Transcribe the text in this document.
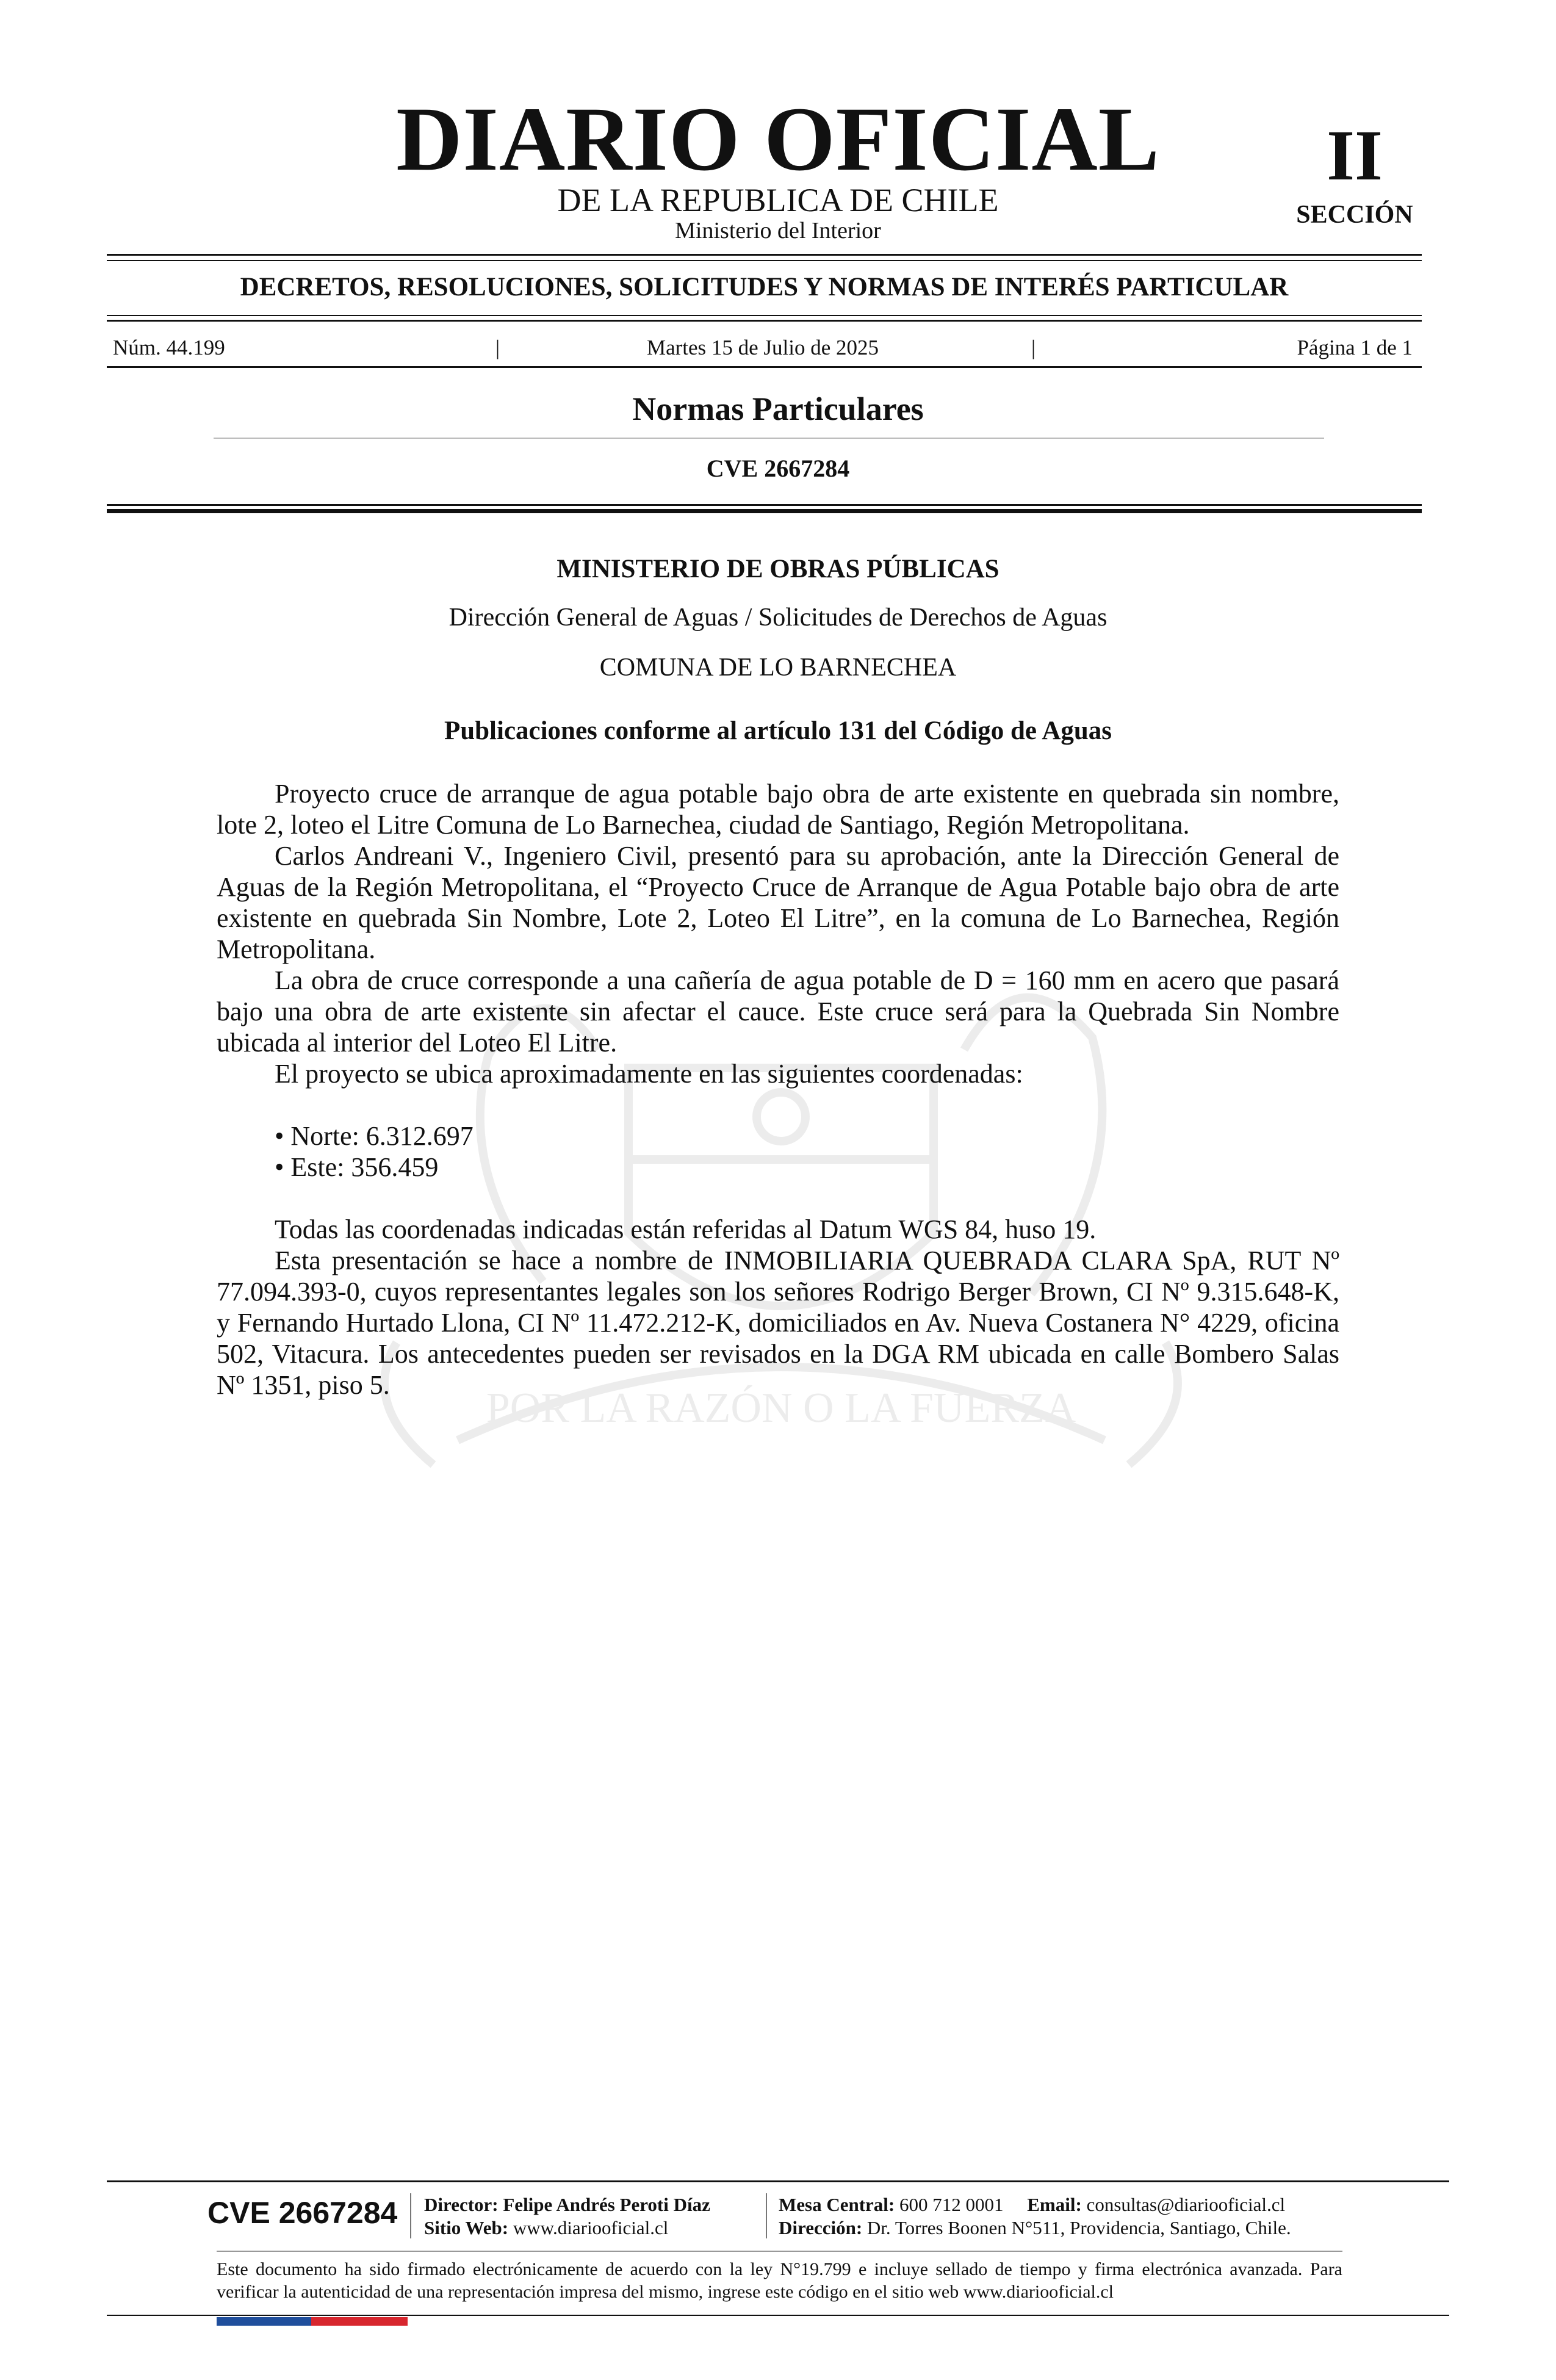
POR LA RAZÓN O LA FUERZA
DIARIO OFICIAL
DE LA REPUBLICA DE CHILE
Ministerio del Interior
II
SECCIÓN
DECRETOS, RESOLUCIONES, SOLICITUDES Y NORMAS DE INTERÉS PARTICULAR
Núm. 44.199	|	Martes 15 de Julio de 2025	|	Página 1 de 1
Normas Particulares
CVE 2667284
MINISTERIO DE OBRAS PÚBLICAS
Dirección General de Aguas / Solicitudes de Derechos de Aguas
COMUNA DE LO BARNECHEA
Publicaciones conforme al artículo 131 del Código de Aguas

Proyecto cruce de arranque de agua potable bajo obra de arte existente en quebrada sin nombre, lote 2, loteo el Litre Comuna de Lo Barnechea, ciudad de Santiago, Región Metropolitana.

Carlos Andreani V., Ingeniero Civil, presentó para su aprobación, ante la Dirección General de Aguas de la Región Metropolitana, el “Proyecto Cruce de Arranque de Agua Potable bajo obra de arte existente en quebrada Sin Nombre, Lote 2, Loteo El Litre”, en la comuna de Lo Barnechea, Región Metropolitana.

La obra de cruce corresponde a una cañería de agua potable de D = 160 mm en acero que pasará bajo una obra de arte existente sin afectar el cauce. Este cruce será para la Quebrada Sin Nombre ubicada al interior del Loteo El Litre.

El proyecto se ubica aproximadamente en las siguientes coordenadas:

• Norte: 6.312.697
• Este: 356.459

Todas las coordenadas indicadas están referidas al Datum WGS 84, huso 19.

Esta presentación se hace a nombre de INMOBILIARIA QUEBRADA CLARA SpA, RUT Nº 77.094.393-0, cuyos representantes legales son los señores Rodrigo Berger Brown, CI Nº 9.315.648-K, y Fernando Hurtado Llona, CI Nº 11.472.212-K, domiciliados en Av. Nueva Costanera N° 4229, oficina 502, Vitacura. Los antecedentes pueden ser revisados en la DGA RM ubicada en calle Bombero Salas Nº 1351, piso 5.

CVE 2667284 Director: Felipe Andrés Peroti Díaz
Sitio Web: www.diariooficial.cl
Mesa Central: 600 712 0001 Email: consultas@diariooficial.cl
Dirección: Dr. Torres Boonen N°511, Providencia, Santiago, Chile.
Este documento ha sido firmado electrónicamente de acuerdo con la ley N°19.799 e incluye sellado de tiempo y firma electrónica avanzada. Para verificar la autenticidad de una representación impresa del mismo, ingrese este código en el sitio web www.diariooficial.cl
